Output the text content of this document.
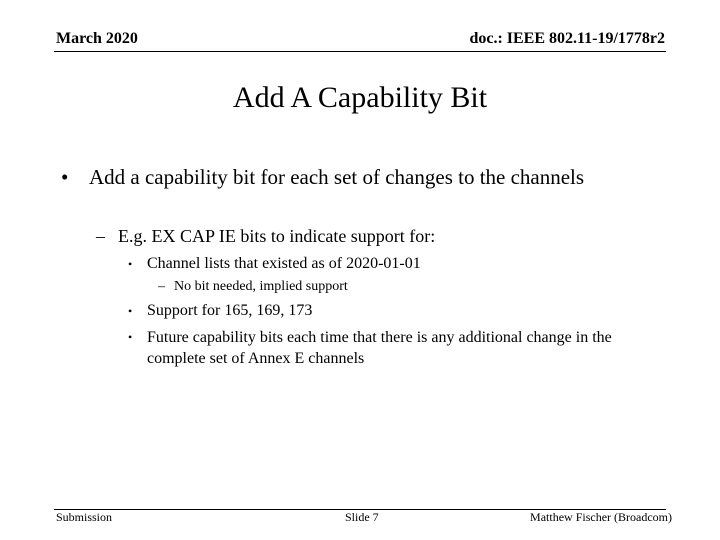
March 2020	doc.: IEEE 802.11-19/1778r2
Add A Capability Bit
• Add a capability bit for each set of changes to the channels
– E.g. EX CAP IE bits to indicate support for:
• Channel lists that existed as of 2020-01-01
– No bit needed, implied support
• Support for 165, 169, 173
• Future capability bits each time that there is any additional change in the complete set of Annex E channels
Submission	Slide 7	Matthew Fischer (Broadcom)
